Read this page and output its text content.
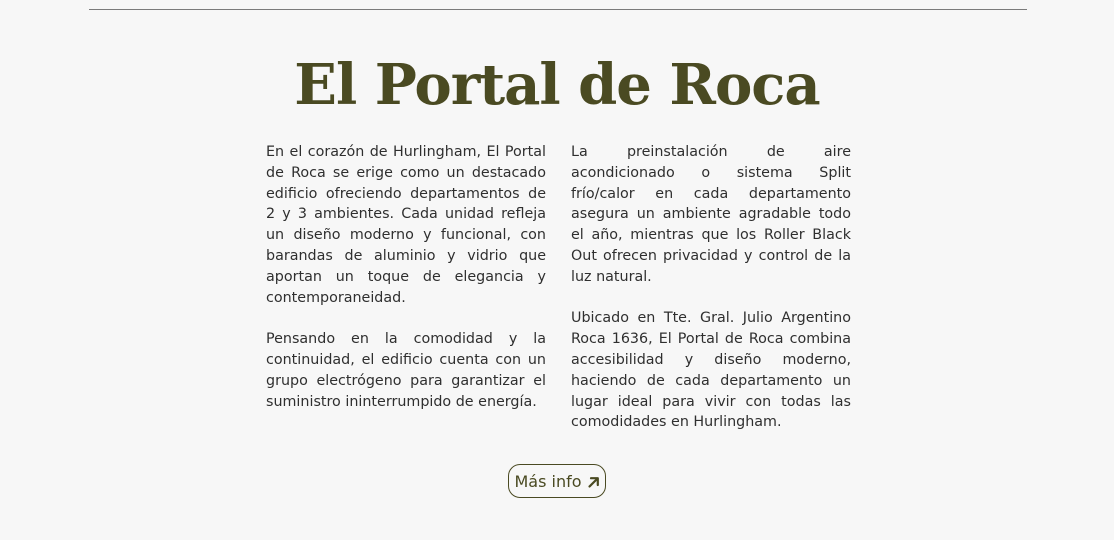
El Portal de Roca

En el corazón de Hurlingham, El Portal de Roca se erige como un destacado edificio ofreciendo departamentos de 2 y 3 ambientes. Cada unidad refleja un diseño moderno y funcional, con barandas de aluminio y vidrio que aportan un toque de elegancia y contemporaneidad.

Pensando en la comodidad y la continuidad, el edificio cuenta con un grupo electrógeno para garantizar el suministro ininterrumpido de energía.

La preinstalación de aire acondicionado o sistema Split frío/calor en cada departamento asegura un ambiente agradable todo el año, mientras que los Roller Black Out ofrecen privacidad y control de la luz natural.

Ubicado en Tte. Gral. Julio Argentino Roca 1636, El Portal de Roca combina accesibilidad y diseño moderno, haciendo de cada departamento un lugar ideal para vivir con todas las comodidades en Hurlingham.

Más info
